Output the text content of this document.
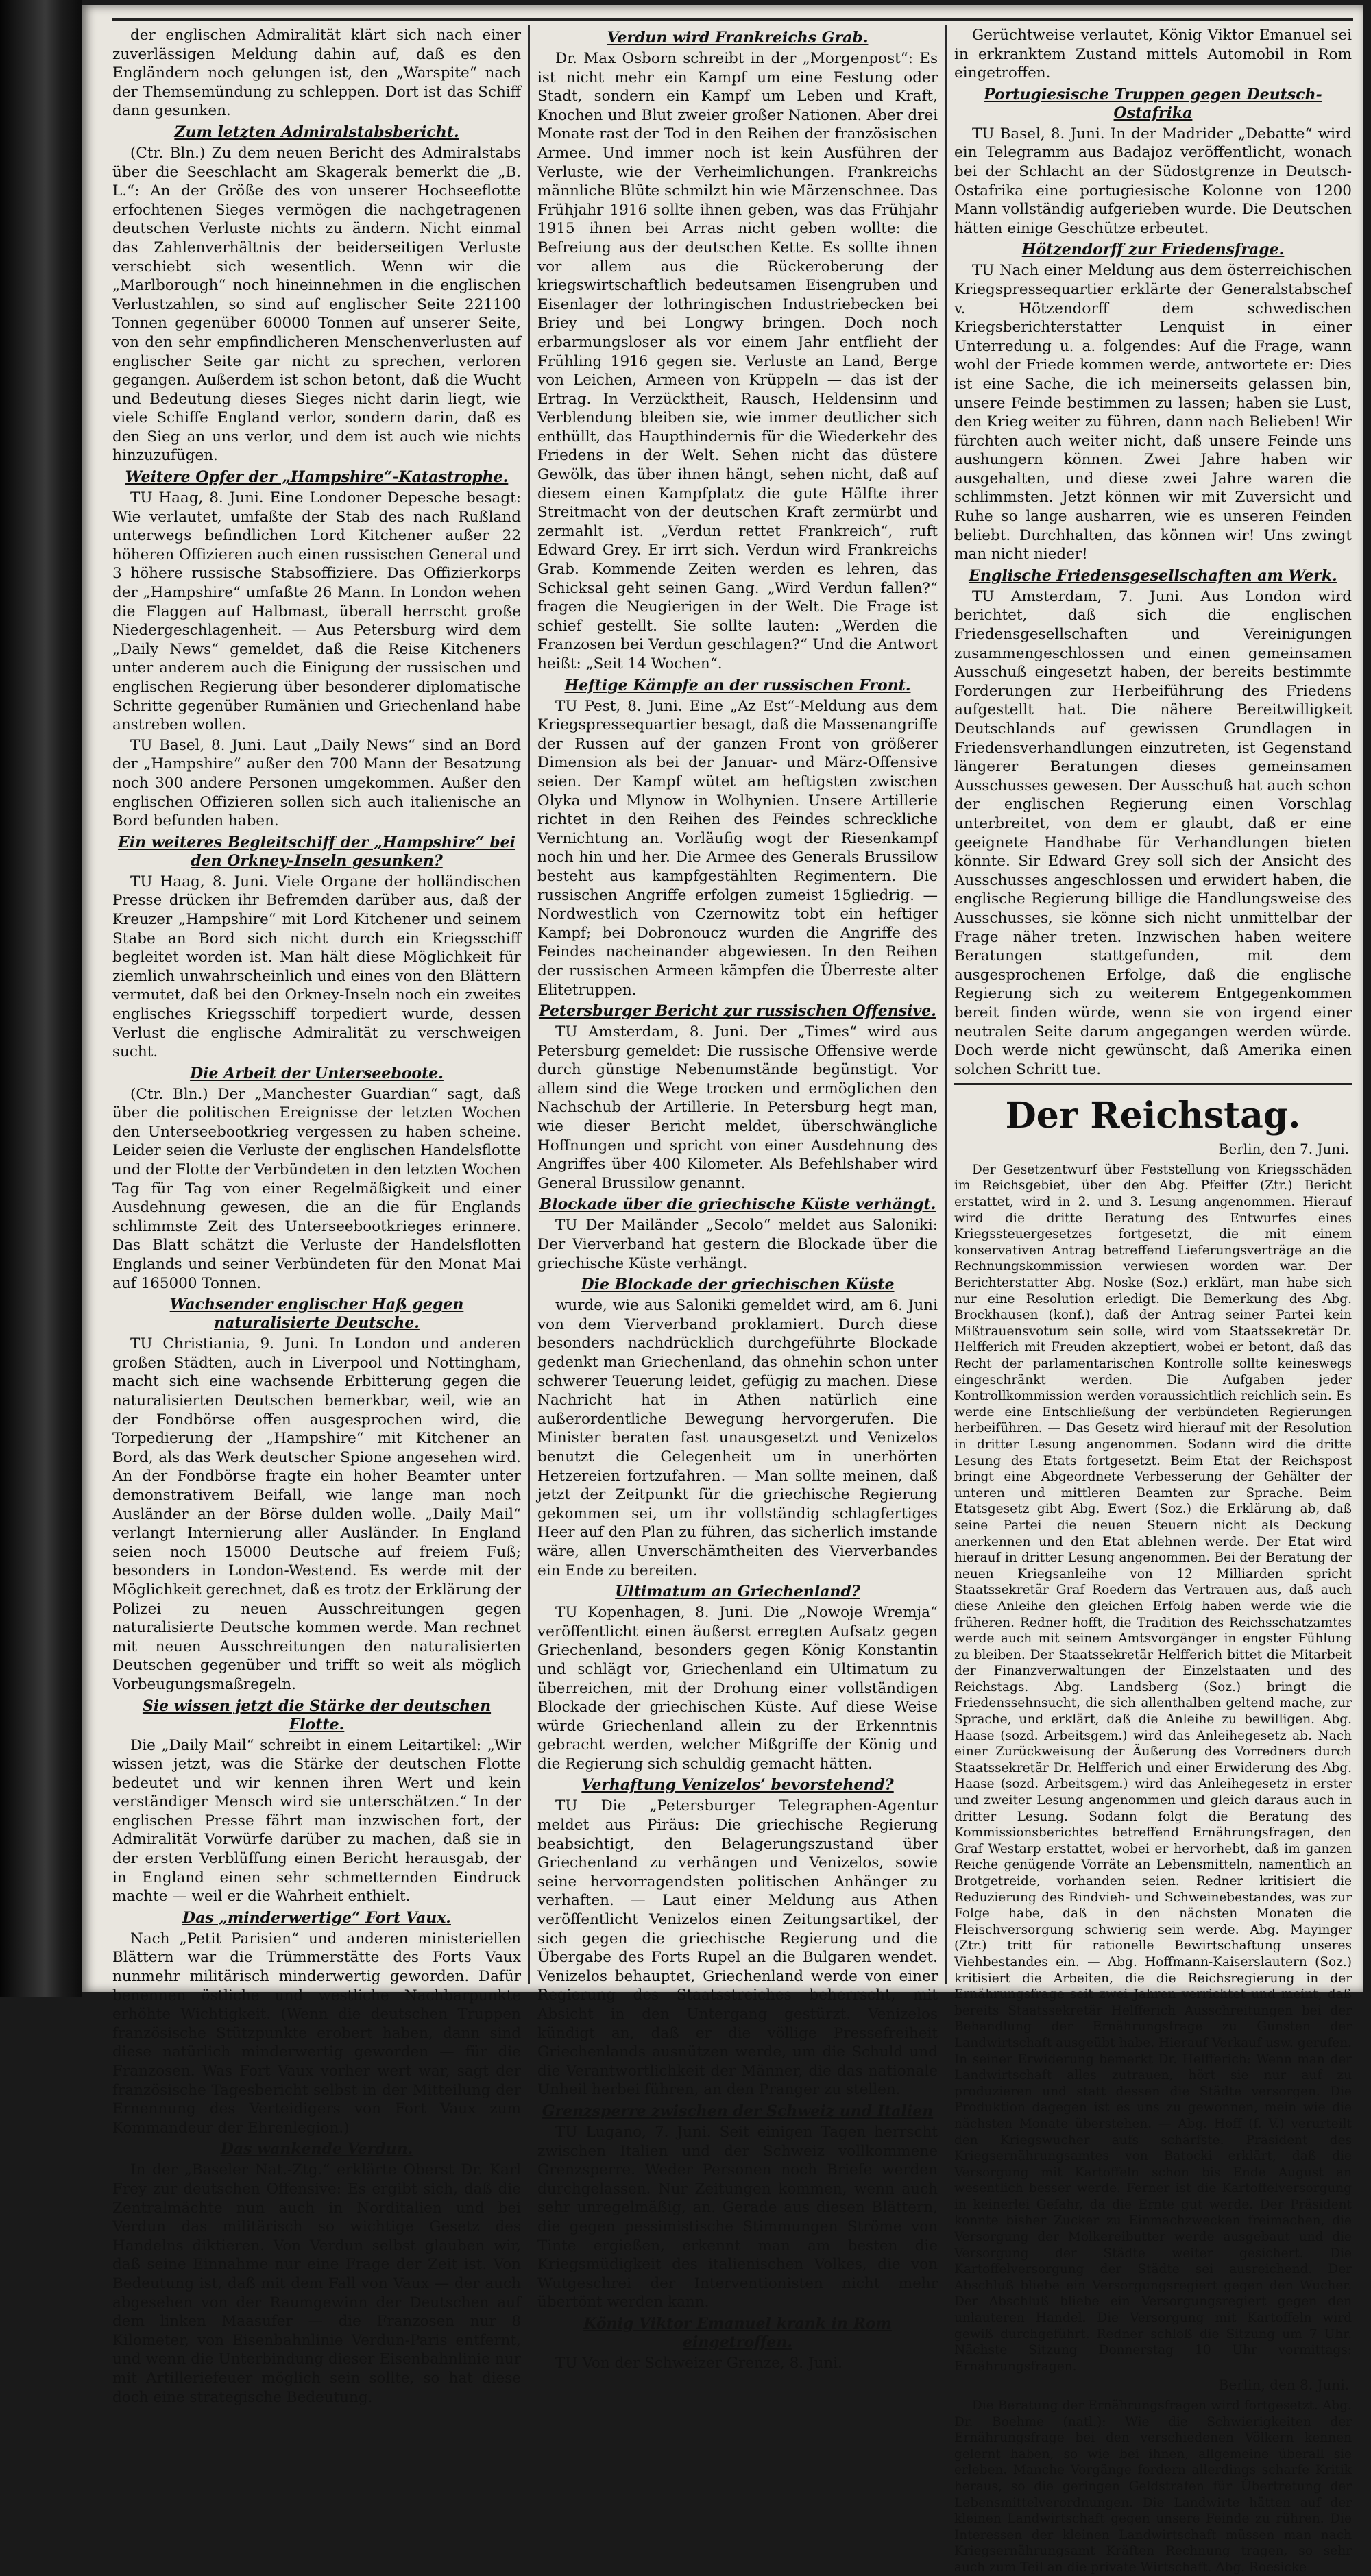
der englischen Admiralität klärt sich nach einer zuverlässigen Meldung dahin auf, daß es den Engländern noch gelungen ist, den „Warspite“ nach der Themsemündung zu schleppen. Dort ist das Schiff dann gesunken.

Zum letzten Admiralstabsbericht.

(Ctr. Bln.) Zu dem neuen Bericht des Admiralstabs über die Seeschlacht am Skagerak bemerkt die „B. L.“: An der Größe des von unserer Hochseeflotte erfochtenen Sieges vermögen die nachgetragenen deutschen Verluste nichts zu ändern. Nicht einmal das Zahlenverhältnis der beiderseitigen Verluste verschiebt sich wesentlich. Wenn wir die „Marlborough“ noch hineinnehmen in die englischen Verlustzahlen, so sind auf englischer Seite 221100 Tonnen gegenüber 60000 Tonnen auf unserer Seite, von den sehr empfindlicheren Menschenverlusten auf englischer Seite gar nicht zu sprechen, verloren gegangen. Außerdem ist schon betont, daß die Wucht und Bedeutung dieses Sieges nicht darin liegt, wie viele Schiffe England verlor, sondern darin, daß es den Sieg an uns verlor, und dem ist auch wie nichts hinzuzufügen.

Weitere Opfer der „Hampshire“-Katastrophe.

TU Haag, 8. Juni. Eine Londoner Depesche besagt: Wie verlautet, umfaßte der Stab des nach Rußland unterwegs befindlichen Lord Kitchener außer 22 höheren Offizieren auch einen russischen General und 3 höhere russische Stabsoffiziere. Das Offizierkorps der „Hampshire“ umfaßte 26 Mann. In London wehen die Flaggen auf Halbmast, überall herrscht große Niedergeschlagenheit. — Aus Petersburg wird dem „Daily News“ gemeldet, daß die Reise Kitcheners unter anderem auch die Einigung der russischen und englischen Regierung über besonderer diplomatische Schritte gegenüber Rumänien und Griechenland habe anstreben wollen.

TU Basel, 8. Juni. Laut „Daily News“ sind an Bord der „Hampshire“ außer den 700 Mann der Besatzung noch 300 andere Personen umgekommen. Außer den englischen Offizieren sollen sich auch italienische an Bord befunden haben.

Ein weiteres Begleitschiff der „Hampshire“ bei den Orkney-Inseln gesunken?

TU Haag, 8. Juni. Viele Organe der holländischen Presse drücken ihr Befremden darüber aus, daß der Kreuzer „Hampshire“ mit Lord Kitchener und seinem Stabe an Bord sich nicht durch ein Kriegsschiff begleitet worden ist. Man hält diese Möglichkeit für ziemlich unwahrscheinlich und eines von den Blättern vermutet, daß bei den Orkney-Inseln noch ein zweites englisches Kriegsschiff torpediert wurde, dessen Verlust die englische Admiralität zu verschweigen sucht.

Die Arbeit der Unterseeboote.

(Ctr. Bln.) Der „Manchester Guardian“ sagt, daß über die politischen Ereignisse der letzten Wochen den Unterseebootkrieg vergessen zu haben scheine. Leider seien die Verluste der englischen Handelsflotte und der Flotte der Verbündeten in den letzten Wochen Tag für Tag von einer Regelmäßigkeit und einer Ausdehnung gewesen, die an die für Englands schlimmste Zeit des Unterseebootkrieges erinnere. Das Blatt schätzt die Verluste der Handelsflotten Englands und seiner Verbündeten für den Monat Mai auf 165000 Tonnen.

Wachsender englischer Haß gegen naturalisierte Deutsche.

TU Christiania, 9. Juni. In London und anderen großen Städten, auch in Liverpool und Nottingham, macht sich eine wachsende Erbitterung gegen die naturalisierten Deutschen bemerkbar, weil, wie an der Fondbörse offen ausgesprochen wird, die Torpedierung der „Hampshire“ mit Kitchener an Bord, als das Werk deutscher Spione angesehen wird. An der Fondbörse fragte ein hoher Beamter unter demonstrativem Beifall, wie lange man noch Ausländer an der Börse dulden wolle. „Daily Mail“ verlangt Internierung aller Ausländer. In England seien noch 15000 Deutsche auf freiem Fuß; besonders in London-Westend. Es werde mit der Möglichkeit gerechnet, daß es trotz der Erklärung der Polizei zu neuen Ausschreitungen gegen naturalisierte Deutsche kommen werde. Man rechnet mit neuen Ausschreitungen den naturalisierten Deutschen gegenüber und trifft so weit als möglich Vorbeugungsmaßregeln.

Sie wissen jetzt die Stärke der deutschen Flotte.

Die „Daily Mail“ schreibt in einem Leitartikel: „Wir wissen jetzt, was die Stärke der deutschen Flotte bedeutet und wir kennen ihren Wert und kein verständiger Mensch wird sie unterschätzen.“ In der englischen Presse fährt man inzwischen fort, der Admiralität Vorwürfe darüber zu machen, daß sie in der ersten Verblüffung einen Bericht herausgab, der in England einen sehr schmetternden Eindruck machte — weil er die Wahrheit enthielt.

Das „minderwertige“ Fort Vaux.

Nach „Petit Parisien“ und anderen ministeriellen Blättern war die Trümmerstätte des Forts Vaux nunmehr militärisch minderwertig geworden. Dafür benennen östliche und westliche Nachbarpunkte erhöhte Wichtigkeit. (Wenn die deutschen Truppen französische Stützpunkte erobert haben, dann sind diese natürlich minderwertig geworden — für die Franzosen. Was Fort Vaux vorher wert war, sagt der französische Tagesbericht selbst in der Mitteilung der Ernennung des Verteidigers von Fort Vaux zum Kommandeur der Ehrenlegion.)

Das wankende Verdun.

In der „Baseler Nat.-Ztg.“ erklärte Oberst Dr. Karl Frey zur deutschen Offensive: Es ergibt sich, daß die Zentralmächte nun auch in Norditalien und bei Verdun das militärisch so wichtige Gesetz des Handelns diktieren. Von Verdun selbst glauben wir, daß seine Einnahme nur eine Frage der Zeit ist. Von Bedeutung ist, daß mit dem Fall von Vaux — der auch abgesehen von der Raumgewinn der Deutschen auf dem linken Maasufer — die Franzosen nur 8 Kilometer, von Eisenbahnlinie Verdun-Paris entfernt, und wenn die Unterbindung dieser Eisenbahnlinie nur mit Artilleriefeuer möglich sein sollte, so hat diese doch eine strategische Bedeutung.

Verdun wird Frankreichs Grab.

Dr. Max Osborn schreibt in der „Morgenpost“: Es ist nicht mehr ein Kampf um eine Festung oder Stadt, sondern ein Kampf um Leben und Kraft, Knochen und Blut zweier großer Nationen. Aber drei Monate rast der Tod in den Reihen der französischen Armee. Und immer noch ist kein Ausführen der Verluste, wie der Verheimlichungen. Frankreichs männliche Blüte schmilzt hin wie Märzenschnee. Das Frühjahr 1916 sollte ihnen geben, was das Frühjahr 1915 ihnen bei Arras nicht geben wollte: die Befreiung aus der deutschen Kette. Es sollte ihnen vor allem aus die Rückeroberung der kriegswirtschaftlich bedeutsamen Eisengruben und Eisenlager der lothringischen Industriebecken bei Briey und bei Longwy bringen. Doch noch erbarmungsloser als vor einem Jahr entflieht der Frühling 1916 gegen sie. Verluste an Land, Berge von Leichen, Armeen von Krüppeln — das ist der Ertrag. In Verzücktheit, Rausch, Heldensinn und Verblendung bleiben sie, wie immer deutlicher sich enthüllt, das Haupthindernis für die Wiederkehr des Friedens in der Welt. Sehen nicht das düstere Gewölk, das über ihnen hängt, sehen nicht, daß auf diesem einen Kampfplatz die gute Hälfte ihrer Streitmacht von der deutschen Kraft zermürbt und zermahlt ist. „Verdun rettet Frankreich“, ruft Edward Grey. Er irrt sich. Verdun wird Frankreichs Grab. Kommende Zeiten werden es lehren, das Schicksal geht seinen Gang. „Wird Verdun fallen?“ fragen die Neugierigen in der Welt. Die Frage ist schief gestellt. Sie sollte lauten: „Werden die Franzosen bei Verdun geschlagen?“ Und die Antwort heißt: „Seit 14 Wochen“.

Heftige Kämpfe an der russischen Front.

TU Pest, 8. Juni. Eine „Az Est“-Meldung aus dem Kriegspressequartier besagt, daß die Massenangriffe der Russen auf der ganzen Front von größerer Dimension als bei der Januar- und März-Offensive seien. Der Kampf wütet am heftigsten zwischen Olyka und Mlynow in Wolhynien. Unsere Artillerie richtet in den Reihen des Feindes schreckliche Vernichtung an. Vorläufig wogt der Riesenkampf noch hin und her. Die Armee des Generals Brussilow besteht aus kampfgestählten Regimentern. Die russischen Angriffe erfolgen zumeist 15gliedrig. — Nordwestlich von Czernowitz tobt ein heftiger Kampf; bei Dobronoucz wurden die Angriffe des Feindes nacheinander abgewiesen. In den Reihen der russischen Armeen kämpfen die Überreste alter Elitetruppen.

Petersburger Bericht zur russischen Offensive.

TU Amsterdam, 8. Juni. Der „Times“ wird aus Petersburg gemeldet: Die russische Offensive werde durch günstige Nebenumstände begünstigt. Vor allem sind die Wege trocken und ermöglichen den Nachschub der Artillerie. In Petersburg hegt man, wie dieser Bericht meldet, überschwängliche Hoffnungen und spricht von einer Ausdehnung des Angriffes über 400 Kilometer. Als Befehlshaber wird General Brussilow genannt.

Blockade über die griechische Küste verhängt.

TU Der Mailänder „Secolo“ meldet aus Saloniki: Der Vierverband hat gestern die Blockade über die griechische Küste verhängt.

Die Blockade der griechischen Küste

wurde, wie aus Saloniki gemeldet wird, am 6. Juni von dem Vierverband proklamiert. Durch diese besonders nachdrücklich durchgeführte Blockade gedenkt man Griechenland, das ohnehin schon unter schwerer Teuerung leidet, gefügig zu machen. Diese Nachricht hat in Athen natürlich eine außerordentliche Bewegung hervorgerufen. Die Minister beraten fast unausgesetzt und Venizelos benutzt die Gelegenheit um in unerhörten Hetzereien fortzufahren. — Man sollte meinen, daß jetzt der Zeitpunkt für die griechische Regierung gekommen sei, um ihr vollständig schlagfertiges Heer auf den Plan zu führen, das sicherlich imstande wäre, allen Unverschämtheiten des Vierverbandes ein Ende zu bereiten.

Ultimatum an Griechenland?

TU Kopenhagen, 8. Juni. Die „Nowoje Wremja“ veröffentlicht einen äußerst erregten Aufsatz gegen Griechenland, besonders gegen König Konstantin und schlägt vor, Griechenland ein Ultimatum zu überreichen, mit der Drohung einer vollständigen Blockade der griechischen Küste. Auf diese Weise würde Griechenland allein zu der Erkenntnis gebracht werden, welcher Mißgriffe der König und die Regierung sich schuldig gemacht hätten.

Verhaftung Venizelos’ bevorstehend?

TU Die „Petersburger Telegraphen-Agentur meldet aus Piräus: Die griechische Regierung beabsichtigt, den Belagerungszustand über Griechenland zu verhängen und Venizelos, sowie seine hervorragendsten politischen Anhänger zu verhaften. — Laut einer Meldung aus Athen veröffentlicht Venizelos einen Zeitungsartikel, der sich gegen die griechische Regierung und die Übergabe des Forts Rupel an die Bulgaren wendet. Venizelos behauptet, Griechenland werde von einer Regierung des Staatsstreiches beherrscht, mit Absicht in den Untergang gestürzt. Venizelos kündigt an, daß er die völlige Pressefreiheit Griechenlands ausnützen werde, um die Schuld und die Verantwortlichkeit der Männer, die das nationale Unheil herbei führen, an den Pranger zu stellen.

Grenzsperre zwischen der Schweiz und Italien

TU Lugano, 7. Juni. Seit einigen Tagen herrscht zwischen Italien und der Schweiz vollkommene Grenzsperre. Weder Personen noch Briefe werden durchgelassen. Nur Zeitungen kommen, wenn auch sehr unregelmäßig, an. Gerade aus diesen Blättern, die gegen pessimistische Stimmungen Ströme von Tinte ergießen, erkennt man am besten die Kriegsmüdigkeit des italienischen Volkes, die von Wutgeschrei der Interventionisten nicht mehr übertönt werden kann.

König Viktor Emanuel krank in Rom eingetroffen.

TU Von der Schweizer Grenze, 8. Juni.

Gerüchtweise verlautet, König Viktor Emanuel sei in erkranktem Zustand mittels Automobil in Rom eingetroffen.

Portugiesische Truppen gegen Deutsch-Ostafrika

TU Basel, 8. Juni. In der Madrider „Debatte“ wird ein Telegramm aus Badajoz veröffentlicht, wonach bei der Schlacht an der Südostgrenze in Deutsch-Ostafrika eine portugiesische Kolonne von 1200 Mann vollständig aufgerieben wurde. Die Deutschen hätten einige Geschütze erbeutet.

Hötzendorff zur Friedensfrage.

TU Nach einer Meldung aus dem österreichischen Kriegspressequartier erklärte der Generalstabschef v. Hötzendorff dem schwedischen Kriegsberichterstatter Lenquist in einer Unterredung u. a. folgendes: Auf die Frage, wann wohl der Friede kommen werde, antwortete er: Dies ist eine Sache, die ich meinerseits gelassen bin, unsere Feinde bestimmen zu lassen; haben sie Lust, den Krieg weiter zu führen, dann nach Belieben! Wir fürchten auch weiter nicht, daß unsere Feinde uns aushungern können. Zwei Jahre haben wir ausgehalten, und diese zwei Jahre waren die schlimmsten. Jetzt können wir mit Zuversicht und Ruhe so lange ausharren, wie es unseren Feinden beliebt. Durchhalten, das können wir! Uns zwingt man nicht nieder!

Englische Friedensgesellschaften am Werk.

TU Amsterdam, 7. Juni. Aus London wird berichtet, daß sich die englischen Friedensgesellschaften und Vereinigungen zusammengeschlossen und einen gemeinsamen Ausschuß eingesetzt haben, der bereits bestimmte Forderungen zur Herbeiführung des Friedens aufgestellt hat. Die nähere Bereitwilligkeit Deutschlands auf gewissen Grundlagen in Friedensverhandlungen einzutreten, ist Gegenstand längerer Beratungen dieses gemeinsamen Ausschusses gewesen. Der Ausschuß hat auch schon der englischen Regierung einen Vorschlag unterbreitet, von dem er glaubt, daß er eine geeignete Handhabe für Verhandlungen bieten könnte. Sir Edward Grey soll sich der Ansicht des Ausschusses angeschlossen und erwidert haben, die englische Regierung billige die Handlungsweise des Ausschusses, sie könne sich nicht unmittelbar der Frage näher treten. Inzwischen haben weitere Beratungen stattgefunden, mit dem ausgesprochenen Erfolge, daß die englische Regierung sich zu weiterem Entgegenkommen bereit finden würde, wenn sie von irgend einer neutralen Seite darum angegangen werden würde. Doch werde nicht gewünscht, daß Amerika einen solchen Schritt tue.

Der Reichstag.
Berlin, den 7. Juni.

Der Gesetzentwurf über Feststellung von Kriegsschäden im Reichsgebiet, über den Abg. Pfeiffer (Ztr.) Bericht erstattet, wird in 2. und 3. Lesung angenommen. Hierauf wird die dritte Beratung des Entwurfes eines Kriegssteuergesetzes fortgesetzt, die mit einem konservativen Antrag betreffend Lieferungsverträge an die Rechnungskommission verwiesen worden war. Der Berichterstatter Abg. Noske (Soz.) erklärt, man habe sich nur eine Resolution erledigt. Die Bemerkung des Abg. Brockhausen (konf.), daß der Antrag seiner Partei kein Mißtrauensvotum sein solle, wird vom Staatssekretär Dr. Helfferich mit Freuden akzeptiert, wobei er betont, daß das Recht der parlamentarischen Kontrolle sollte keineswegs eingeschränkt werden. Die Aufgaben jeder Kontrollkommission werden voraussichtlich reichlich sein. Es werde eine Entschließung der verbündeten Regierungen herbeiführen. — Das Gesetz wird hierauf mit der Resolution in dritter Lesung angenommen. Sodann wird die dritte Lesung des Etats fortgesetzt. Beim Etat der Reichspost bringt eine Abgeordnete Verbesserung der Gehälter der unteren und mittleren Beamten zur Sprache. Beim Etatsgesetz gibt Abg. Ewert (Soz.) die Erklärung ab, daß seine Partei die neuen Steuern nicht als Deckung anerkennen und den Etat ablehnen werde. Der Etat wird hierauf in dritter Lesung angenommen. Bei der Beratung der neuen Kriegsanleihe von 12 Milliarden spricht Staatssekretär Graf Roedern das Vertrauen aus, daß auch diese Anleihe den gleichen Erfolg haben werde wie die früheren. Redner hofft, die Tradition des Reichsschatzamtes werde auch mit seinem Amtsvorgänger in engster Fühlung zu bleiben. Der Staatssekretär Helfferich bittet die Mitarbeit der Finanzverwaltungen der Einzelstaaten und des Reichstags. Abg. Landsberg (Soz.) bringt die Friedenssehnsucht, die sich allenthalben geltend mache, zur Sprache, und erklärt, daß die Anleihe zu bewilligen. Abg. Haase (sozd. Arbeitsgem.) wird das Anleihegesetz ab. Nach einer Zurückweisung der Äußerung des Vorredners durch Staatssekretär Dr. Helfferich und einer Erwiderung des Abg. Haase (sozd. Arbeitsgem.) wird das Anleihegesetz in erster und zweiter Lesung angenommen und gleich daraus auch in dritter Lesung. Sodann folgt die Beratung des Kommissionsberichtes betreffend Ernährungsfragen, den Graf Westarp erstattet, wobei er hervorhebt, daß im ganzen Reiche genügende Vorräte an Lebensmitteln, namentlich an Brotgetreide, vorhanden seien. Redner kritisiert die Reduzierung des Rindvieh- und Schweinebestandes, was zur Folge habe, daß in den nächsten Monaten die Fleischversorgung schwierig sein werde. Abg. Mayinger (Ztr.) tritt für rationelle Bewirtschaftung unseres Viehbestandes ein. — Abg. Hoffmann-Kaiserslautern (Soz.) kritisiert die Arbeiten, die die Reichsregierung in der Ernährungsfrage seit zwei Jahren verrichtet und meint, daß bereits Staatssekretär Helfferich Ausschreitungen bei der Behandlung der Ernährungsfrage zu Gunsten der Landwirtschaft ausgeübt habe. Hierauf Verkauf usw. gerufen. In seiner Erwiderung bemerkt Dr. Helfferich: Wenn man der Landwirtschaft alles zutrauen, hört sie nur auf zu produzieren und statt dessen die Städte versorgen. Die Produktion dagegen ist es uns zu gewonnen, mein wie die nächsten Monate überstehen. — Abg. Hoff (f. V.) verurteilt den Kriegswucher aufs schärfste. Präsident des Kriegsernährungsamtes von Batocki erklärt, daß die Versorgung mit Kartoffeln schon bis Ende August an wesentlich besser werde. Ferner ist die Kartoffelversorgung in keinerlei Gefahr, da die Ernte gut werde. Der Präsident konnte bisher Zucker zu Einmachzwecken freimachen, die Versorgung der Molkereibutter werde ausgebaut und die Versorgung der Städte weiter gesichert. Die Kartoffelversorgung der Städte sei ausreichend. Der Abschluß bliebe ein Versorgungsregiert gegen den Wucher. Der Abschluß bliebe ein Versorgungsregiert gegen den unlauteren Handel. Die Versorgung mit Kartoffeln wird gewiß durchgeführt. Redner schloß die Sitzung um 7 Uhr. Nächste Sitzung Donnerstag 10 Uhr vormittags: Ernährungsfragen.

Berlin, den 8. Juni.

Die Beratung der Ernährungsfragen wird fortgesetzt. Abg. Dr. Boehme (natl.): Wie die Schwierigkeiten der Ernährungsfrage bei den verschiedenen Völkern kennen gelernt haben, so wie bei ihnen, allgemeine überall sie erleben. Manche Vorgänge fordern allerdings scharfe Kritik heraus, so die geringen Geldstrafen für Übertretung der Lebensmittelverordnungen. Die Landwirte hätten auf der kleinen Landwirtschaft gegen unsere Feinde zu rühren. Die Interessen der kleinen Landwirtschaft müssen man nach Kriegsernährungsamt Kräften Rechnung tragen, so sehr auch zum Teil an die private Wirtschaft. Abg. Roesicke
